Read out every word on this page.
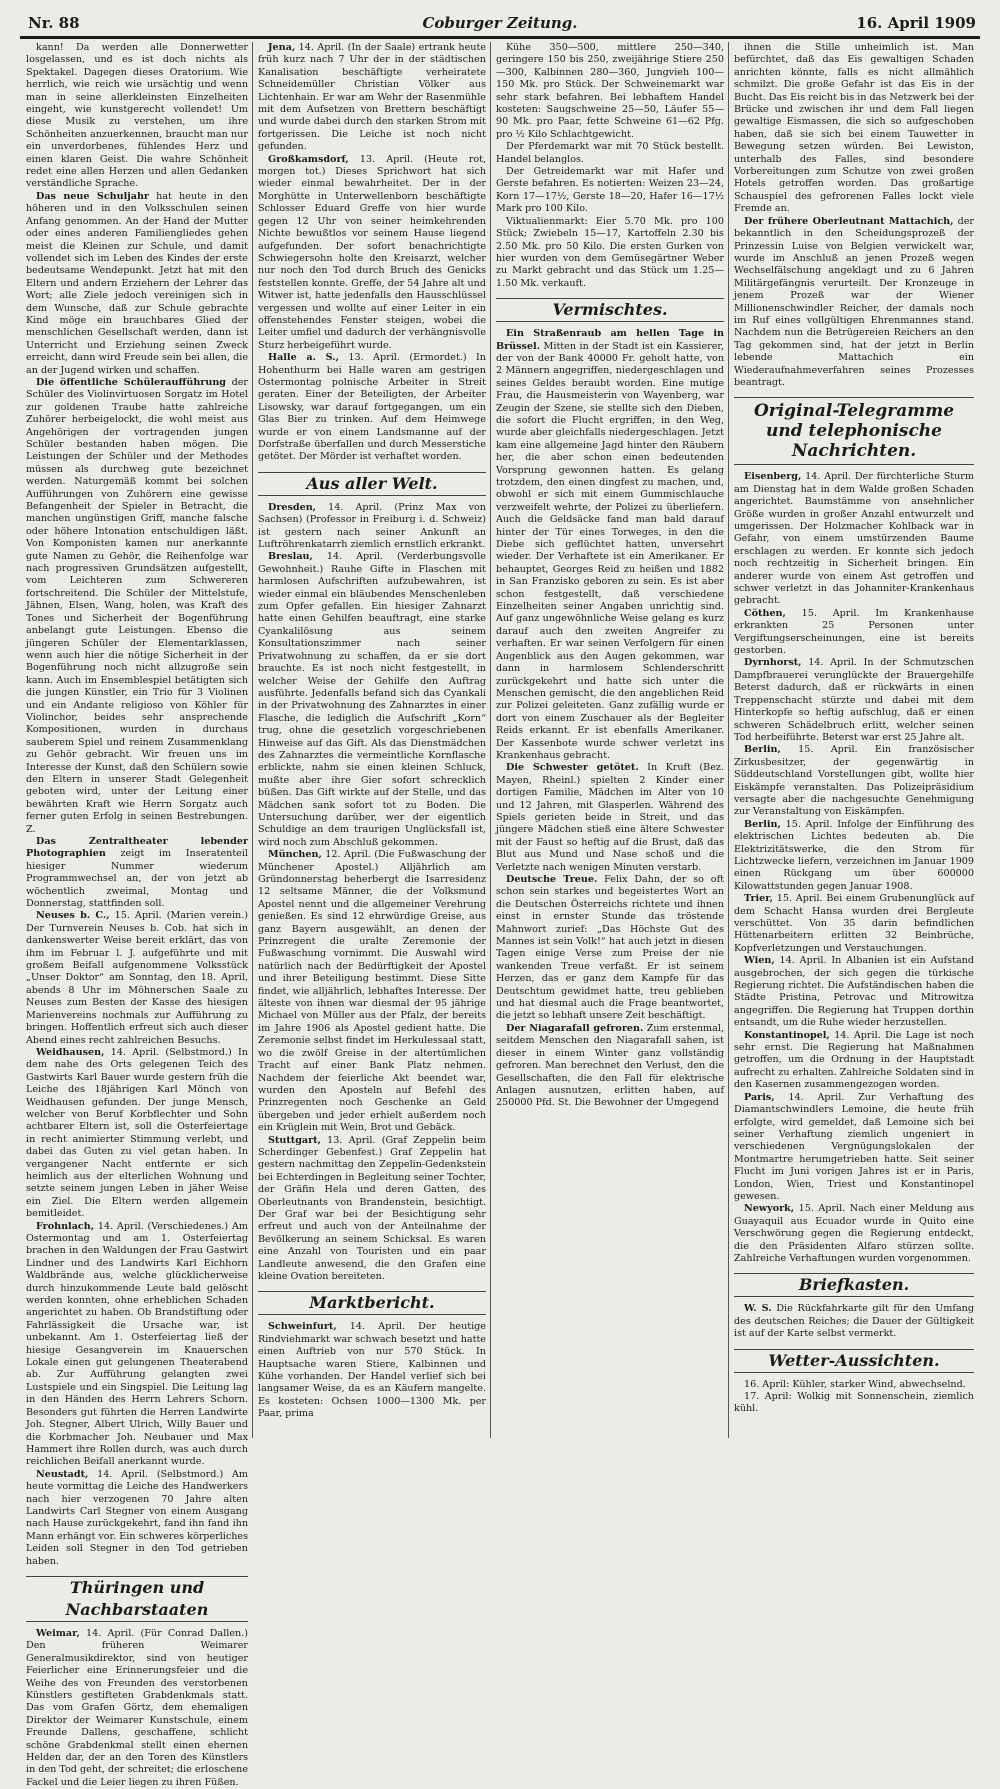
Nr. 88	Coburger Zeitung.	16. April 1909

kann! Da werden alle Donnerwetter losgelassen, und es ist doch nichts als Spektakel. Dagegen dieses Oratorium. Wie herrlich, wie reich wie ursächtig und wenn man in seine allerkleinsten Einzelheiten eingeht, wie kunstgerecht vollendet! Um diese Musik zu verstehen, um ihre Schönheiten anzuerkennen, braucht man nur ein unverdorbenes, fühlendes Herz und einen klaren Geist. Die wahre Schönheit redet eine allen Herzen und allen Gedanken verständliche Sprache.

Das neue Schuljahr hat heute in den höheren und in den Volksschulen seinen Anfang genommen. An der Hand der Mutter oder eines anderen Familiengliedes gehen meist die Kleinen zur Schule, und damit vollendet sich im Leben des Kindes der erste bedeutsame Wendepunkt. Jetzt hat mit den Eltern und andern Erziehern der Lehrer das Wort; alle Ziele jedoch vereinigen sich in dem Wunsche, daß zur Schule gebrachte Kind möge ein brauchbares Glied der menschlichen Gesellschaft werden, dann ist Unterricht und Erziehung seinen Zweck erreicht, dann wird Freude sein bei allen, die an der Jugend wirken und schaffen.

Die öffentliche Schüleraufführung der Schüler des Violinvirtuosen Sorgatz im Hotel zur goldenen Traube hatte zahlreiche Zuhörer herbeigelockt, die wohl meist aus Angehörigen der vortragenden jungen Schüler bestanden haben mögen. Die Leistungen der Schüler und der Methodes müssen als durchweg gute bezeichnet werden. Naturgemäß kommt bei solchen Aufführungen von Zuhörern eine gewisse Befangenheit der Spieler in Betracht, die manchen ungünstigen Griff, manche falsche oder höhere Intonation entschuldigen läßt. Von Komponisten kamen nur anerkannte gute Namen zu Gehör, die Reihenfolge war nach progressiven Grundsätzen aufgestellt, vom Leichteren zum Schwereren fortschreitend. Die Schüler der Mittelstufe, Jähnen, Elsen, Wang, holen, was Kraft des Tones und Sicherheit der Bogenführung anbelangt gute Leistungen. Ebenso die jüngeren Schüler der Elementarklassen, wenn auch hier die nötige Sicherheit in der Bogenführung noch nicht allzugroße sein kann. Auch im Ensemblespiel betätigten sich die jungen Künstler, ein Trio für 3 Violinen und ein Andante religioso von Köhler für Violinchor, beides sehr ansprechende Kompositionen, wurden in durchaus sauberem Spiel und reinem Zusammenklang zu Gehör gebracht. Wir freuen uns im Interesse der Kunst, daß den Schülern sowie den Eltern in unserer Stadt Gelegenheit geboten wird, unter der Leitung einer bewährten Kraft wie Herrn Sorgatz auch ferner guten Erfolg in seinen Bestrebungen. Z.

Das Zentraltheater lebender Photographien zeigt im Inseratenteil hiesiger Nummer wiederum Programmwechsel an, der von jetzt ab wöchentlich zweimal, Montag und Donnerstag, stattfinden soll.

Neuses b. C., 15. April. (Marien verein.) Der Turnverein Neuses b. Cob. hat sich in dankenswerter Weise bereit erklärt, das von ihm im Februar l. J. aufgeführte und mit großem Beifall aufgenommene Volksstück „Unser Doktor“ am Sonntag, den 18. April, abends 8 Uhr im Möhnerschen Saale zu Neuses zum Besten der Kasse des hiesigen Marienvereins nochmals zur Aufführung zu bringen. Hoffentlich erfreut sich auch dieser Abend eines recht zahlreichen Besuchs.

Weidhausen, 14. April. (Selbstmord.) In dem nahe des Orts gelegenen Teich des Gastwirts Karl Bauer wurde gestern früh die Leiche des 18jährigen Karl Mönch von Weidhausen gefunden. Der junge Mensch, welcher von Beruf Korbflechter und Sohn achtbarer Eltern ist, soll die Osterfeiertage in recht animierter Stimmung verlebt, und dabei das Guten zu viel getan haben. In vergangener Nacht entfernte er sich heimlich aus der elterlichen Wohnung und setzte seinem jungen Leben in jäher Weise ein Ziel. Die Eltern werden allgemein bemitleidet.

Frohnlach, 14. April. (Verschiedenes.) Am Ostermontag und am 1. Osterfeiertag brachen in den Waldungen der Frau Gastwirt Lindner und des Landwirts Karl Eichhorn Waldbrände aus, welche glücklicherweise durch hinzukommende Leute bald gelöscht werden konnten, ohne erheblichen Schaden angerichtet zu haben. Ob Brandstiftung oder Fahrlässigkeit die Ursache war, ist unbekannt. Am 1. Osterfeiertag ließ der hiesige Gesangverein im Knauerschen Lokale einen gut gelungenen Theaterabend ab. Zur Aufführung gelangten zwei Lustspiele und ein Singspiel. Die Leitung lag in den Händen des Herrn Lehrers Schorn. Besonders gut führten die Herren Landwirte Joh. Stegner, Albert Ulrich, Willy Bauer und die Korbmacher Joh. Neubauer und Max Hammert ihre Rollen durch, was auch durch reichlichen Beifall anerkannt wurde.

Neustadt, 14. April. (Selbstmord.) Am heute vormittag die Leiche des Handwerkers nach hier verzogenen 70 Jahre alten Landwirts Carl Stegner von einem Ausgang nach Hause zurückgekehrt, fand ihn fand ihn Mann erhängt vor. Ein schweres körperliches Leiden soll Stegner in den Tod getrieben haben.

Thüringen und Nachbarstaaten

Weimar, 14. April. (Für Conrad Dallen.) Den früheren Weimarer Generalmusikdirektor, sind von heutiger Feierlicher eine Erinnerungsfeier und die Weihe des von Freunden des verstorbenen Künstlers gestifteten Grabdenkmals statt. Das vom Grafen Görtz, dem ehemaligen Direktor der Weimarer Kunstschule, einem Freunde Dallens, geschaffene, schlicht schöne Grabdenkmal stellt einen ehernen Helden dar, der an den Toren des Künstlers in den Tod geht, der schreitet; die erloschene Fackel und die Leier liegen zu ihren Füßen.

Jena, 14. April. (In der Saale) ertrank heute früh kurz nach 7 Uhr der in der städtischen Kanalisation beschäftigte verheiratete Schneidemüller Christian Völker aus Lichtenhain. Er war am Wehr der Rasenmühle mit dem Aufsetzen von Brettern beschäftigt und wurde dabei durch den starken Strom mit fortgerissen. Die Leiche ist noch nicht gefunden.

Großkamsdorf, 13. April. (Heute rot, morgen tot.) Dieses Sprichwort hat sich wieder einmal bewahrheitet. Der in der Morghütte in Unterwellenborn beschäftigte Schlosser Eduard Greffe von hier wurde gegen 12 Uhr von seiner heimkehrenden Nichte bewußtlos vor seinem Hause liegend aufgefunden. Der sofort benachrichtigte Schwiegersohn holte den Kreisarzt, welcher nur noch den Tod durch Bruch des Genicks feststellen konnte. Greffe, der 54 Jahre alt und Witwer ist, hatte jedenfalls den Hausschlüssel vergessen und wollte auf einer Leiter in ein offenstehendes Fenster steigen, wobei die Leiter umfiel und dadurch der verhängnisvolle Sturz herbeigeführt wurde.

Halle a. S., 13. April. (Ermordet.) In Hohenthurm bei Halle waren am gestrigen Ostermontag polnische Arbeiter in Streit geraten. Einer der Beteiligten, der Arbeiter Lisowsky, war darauf fortgegangen, um ein Glas Bier zu trinken. Auf dem Heimwege wurde er von einem Landsmanne auf der Dorfstraße überfallen und durch Messerstiche getötet. Der Mörder ist verhaftet worden.

Aus aller Welt.

Dresden, 14. April. (Prinz Max von Sachsen) (Professor in Freiburg i. d. Schweiz) ist gestern nach seiner Ankunft an Luftröhrenkatarrh ziemlich ernstlich erkrankt.

Breslau, 14. April. (Verderbungsvolle Gewohnheit.) Rauhe Gifte in Flaschen mit harmlosen Aufschriften aufzubewahren, ist wieder einmal ein bläubendes Menschenleben zum Opfer gefallen. Ein hiesiger Zahnarzt hatte einen Gehilfen beauftragt, eine starke Cyankalilösung aus seinem Konsultationszimmer nach seiner Privatwohnung zu schaffen, da er sie dort brauchte. Es ist noch nicht festgestellt, in welcher Weise der Gehilfe den Auftrag ausführte. Jedenfalls befand sich das Cyankali in der Privatwohnung des Zahnarztes in einer Flasche, die lediglich die Aufschrift „Korn“ trug, ohne die gesetzlich vorgeschriebenen Hinweise auf das Gift. Als das Dienstmädchen des Zahnarztes die vermeintliche Kornflasche erblickte, nahm sie einen kleinen Schluck, mußte aber ihre Gier sofort schrecklich büßen. Das Gift wirkte auf der Stelle, und das Mädchen sank sofort tot zu Boden. Die Untersuchung darüber, wer der eigentlich Schuldige an dem traurigen Unglücksfall ist, wird noch zum Abschluß gekommen.

München, 12. April. (Die Fußwaschung der Münchener Apostel.) Alljährlich am Gründonnerstag beherbergt die Isarresidenz 12 seltsame Männer, die der Volksmund Apostel nennt und die allgemeiner Verehrung genießen. Es sind 12 ehrwürdige Greise, aus ganz Bayern ausgewählt, an denen der Prinzregent die uralte Zeremonie der Fußwaschung vornimmt. Die Auswahl wird natürlich nach der Bedürftigkeit der Apostel und ihrer Beteiligung bestimmt. Diese Sitte findet, wie alljährlich, lebhaftes Interesse. Der älteste von ihnen war diesmal der 95 jährige Michael von Müller aus der Pfalz, der bereits im Jahre 1906 als Apostel gedient hatte. Die Zeremonie selbst findet im Herkulessaal statt, wo die zwölf Greise in der altertümlichen Tracht auf einer Bank Platz nehmen. Nachdem der feierliche Akt beendet war, wurden den Aposteln auf Befehl des Prinzregenten noch Geschenke an Geld übergeben und jeder erhielt außerdem noch ein Krüglein mit Wein, Brot und Gebäck.

Stuttgart, 13. April. (Graf Zeppelin beim Scherdinger Gebenfest.) Graf Zeppelin hat gestern nachmittag den Zeppelin-Gedenkstein bei Echterdingen in Begleitung seiner Tochter, der Gräfin Hela und deren Gatten, des Oberleutnants von Brandenstein, besichtigt. Der Graf war bei der Besichtigung sehr erfreut und auch von der Anteilnahme der Bevölkerung an seinem Schicksal. Es waren eine Anzahl von Touristen und ein paar Landleute anwesend, die den Grafen eine kleine Ovation bereiteten.

Marktbericht.

Schweinfurt, 14. April. Der heutige Rindviehmarkt war schwach besetzt und hatte einen Auftrieb von nur 570 Stück. In Hauptsache waren Stiere, Kalbinnen und Kühe vorhanden. Der Handel verlief sich bei langsamer Weise, da es an Käufern mangelte. Es kosteten: Ochsen 1000—1300 Mk. per Paar, prima

Kühe 350—500, mittlere 250—340, geringere 150 bis 250, zweijährige Stiere 250—300, Kalbinnen 280—360, Jungvieh 100—150 Mk. pro Stück. Der Schweinemarkt war sehr stark befahren. Bei lebhaftem Handel kosteten: Saugschweine 25—50, Läufer 55—90 Mk. pro Paar, fette Schweine 61—62 Pfg. pro ½ Kilo Schlachtgewicht.

Der Pferdemarkt war mit 70 Stück bestellt. Handel belanglos.

Der Getreidemarkt war mit Hafer und Gerste befahren. Es notierten: Weizen 23—24, Korn 17—17½, Gerste 18—20, Hafer 16—17½ Mark pro 100 Kilo.

Viktualienmarkt: Eier 5.70 Mk. pro 100 Stück; Zwiebeln 15—17, Kartoffeln 2.30 bis 2.50 Mk. pro 50 Kilo. Die ersten Gurken von hier wurden von dem Gemüsegärtner Weber zu Markt gebracht und das Stück um 1.25—1.50 Mk. verkauft.

Vermischtes.

Ein Straßenraub am hellen Tage in Brüssel. Mitten in der Stadt ist ein Kassierer, der von der Bank 40000 Fr. geholt hatte, von 2 Männern angegriffen, niedergeschlagen und seines Geldes beraubt worden. Eine mutige Frau, die Hausmeisterin von Wayenberg, war Zeugin der Szene, sie stellte sich den Dieben, die sofort die Flucht ergriffen, in den Weg, wurde aber gleichfalls niedergeschlagen. Jetzt kam eine allgemeine Jagd hinter den Räubern her, die aber schon einen bedeutenden Vorsprung gewonnen hatten. Es gelang trotzdem, den einen dingfest zu machen, und, obwohl er sich mit einem Gummischlauche verzweifelt wehrte, der Polizei zu überliefern. Auch die Geldsäcke fand man bald darauf hinter der Tür eines Torweges, in den die Diebe sich geflüchtet hatten, unversehrt wieder. Der Verhaftete ist ein Amerikaner. Er behauptet, Georges Reid zu heißen und 1882 in San Franzisko geboren zu sein. Es ist aber schon festgestellt, daß verschiedene Einzelheiten seiner Angaben unrichtig sind. Auf ganz ungewöhnliche Weise gelang es kurz darauf auch den zweiten Angreifer zu verhaften. Er war seinen Verfolgern für einen Augenblick aus den Augen gekommen, war dann in harmlosem Schlenderschritt zurückgekehrt und hatte sich unter die Menschen gemischt, die den angeblichen Reid zur Polizei geleiteten. Ganz zufällig wurde er dort von einem Zuschauer als der Begleiter Reids erkannt. Er ist ebenfalls Amerikaner. Der Kassenbote wurde schwer verletzt ins Krankenhaus gebracht.

Die Schwester getötet. In Kruft (Bez. Mayen, Rheinl.) spielten 2 Kinder einer dortigen Familie, Mädchen im Alter von 10 und 12 Jahren, mit Glasperlen. Während des Spiels gerieten beide in Streit, und das jüngere Mädchen stieß eine ältere Schwester mit der Faust so heftig auf die Brust, daß das Blut aus Mund und Nase schoß und die Verletzte nach wenigen Minuten verstarb.

Deutsche Treue. Felix Dahn, der so oft schon sein starkes und begeistertes Wort an die Deutschen Österreichs richtete und ihnen einst in ernster Stunde das tröstende Mahnwort zurief: „Das Höchste Gut des Mannes ist sein Volk!“ hat auch jetzt in diesen Tagen einige Verse zum Preise der nie wankenden Treue verfaßt. Er ist seinem Herzen, das er ganz dem Kampfe für das Deutschtum gewidmet hatte, treu geblieben und hat diesmal auch die Frage beantwortet, die jetzt so lebhaft unsere Zeit beschäftigt.

Der Niagarafall gefroren. Zum erstenmal, seitdem Menschen den Niagarafall sahen, ist dieser in einem Winter ganz vollständig gefroren. Man berechnet den Verlust, den die Gesellschaften, die den Fall für elektrische Anlagen ausnutzen, erlitten haben, auf 250000 Pfd. St. Die Bewohner der Umgegend

ihnen die Stille unheimlich ist. Man befürchtet, daß das Eis gewaltigen Schaden anrichten könnte, falls es nicht allmählich schmilzt. Die große Gefahr ist das Eis in der Bucht. Das Eis reicht bis in das Netzwerk bei der Brücke und zwischen ihr und dem Fall liegen gewaltige Eismassen, die sich so aufgeschoben haben, daß sie sich bei einem Tauwetter in Bewegung setzen würden. Bei Lewiston, unterhalb des Falles, sind besondere Vorbereitungen zum Schutze von zwei großen Hotels getroffen worden. Das großartige Schauspiel des gefrorenen Falles lockt viele Fremde an.

Der frühere Oberleutnant Mattachich, der bekanntlich in den Scheidungsprozeß der Prinzessin Luise von Belgien verwickelt war, wurde im Anschluß an jenen Prozeß wegen Wechselfälschung angeklagt und zu 6 Jahren Militärgefängnis verurteilt. Der Kronzeuge in jenem Prozeß war der Wiener Millionenschwindler Reicher, der damals noch im Ruf eines vollgültigen Ehrenmannes stand. Nachdem nun die Betrügereien Reichers an den Tag gekommen sind, hat der jetzt in Berlin lebende Mattachich ein Wiederaufnahmeverfahren seines Prozesses beantragt.

Original-Telegramme und telephonische Nachrichten.

Eisenberg, 14. April. Der fürchterliche Sturm am Dienstag hat in dem Walde großen Schaden angerichtet. Baumstämme von ansehnlicher Größe wurden in großer Anzahl entwurzelt und umgerissen. Der Holzmacher Kohlback war in Gefahr, von einem umstürzenden Baume erschlagen zu werden. Er konnte sich jedoch noch rechtzeitig in Sicherheit bringen. Ein anderer wurde von einem Ast getroffen und schwer verletzt in das Johanniter-Krankenhaus gebracht.

Cöthen, 15. April. Im Krankenhause erkrankten 25 Personen unter Vergiftungserscheinungen, eine ist bereits gestorben.

Dyrnhorst, 14. April. In der Schmutzschen Dampfbrauerei verunglückte der Brauergehilfe Beterst dadurch, daß er rückwärts in einen Treppenschacht stürzte und dabei mit dem Hinterkopfe so heftig aufschlug, daß er einen schweren Schädelbruch erlitt, welcher seinen Tod herbeiführte. Beterst war erst 25 Jahre alt.

Berlin, 15. April. Ein französischer Zirkusbesitzer, der gegenwärtig in Süddeutschland Vorstellungen gibt, wollte hier Eiskämpfe veranstalten. Das Polizeipräsidium versagte aber die nachgesuchte Genehmigung zur Veranstaltung von Eiskämpfen.

Berlin, 15. April. Infolge der Einführung des elektrischen Lichtes bedeuten ab. Die Elektrizitätswerke, die den Strom für Lichtzwecke liefern, verzeichnen im Januar 1909 einen Rückgang um über 600000 Kilowattstunden gegen Januar 1908.

Trier, 15. April. Bei einem Grubenunglück auf dem Schacht Hansa wurden drei Bergleute verschüttet. Von 35 darin befindlichen Hüttenarbeitern erlitten 32 Beinbrüche, Kopfverletzungen und Verstauchungen.

Wien, 14. April. In Albanien ist ein Aufstand ausgebrochen, der sich gegen die türkische Regierung richtet. Die Aufständischen haben die Städte Pristina, Petrovac und Mitrowitza angegriffen. Die Regierung hat Truppen dorthin entsandt, um die Ruhe wieder herzustellen.

Konstantinopel, 14. April. Die Lage ist noch sehr ernst. Die Regierung hat Maßnahmen getroffen, um die Ordnung in der Hauptstadt aufrecht zu erhalten. Zahlreiche Soldaten sind in den Kasernen zusammengezogen worden.

Paris, 14. April. Zur Verhaftung des Diamantschwindlers Lemoine, die heute früh erfolgte, wird gemeldet, daß Lemoine sich bei seiner Verhaftung ziemlich ungeniert in verschiedenen Vergnügungslokalen der Montmartre herumgetrieben hatte. Seit seiner Flucht im Juni vorigen Jahres ist er in Paris, London, Wien, Triest und Konstantinopel gewesen.

Newyork, 15. April. Nach einer Meldung aus Guayaquil aus Ecuador wurde in Quito eine Verschwörung gegen die Regierung entdeckt, die den Präsidenten Alfaro stürzen sollte. Zahlreiche Verhaftungen wurden vorgenommen.

Briefkasten.

W. S. Die Rückfahrkarte gilt für den Umfang des deutschen Reiches; die Dauer der Gültigkeit ist auf der Karte selbst vermerkt.

Wetter-Aussichten.

16. April: Kühler, starker Wind, abwechselnd.

17. April: Wolkig mit Sonnenschein, ziemlich kühl.
